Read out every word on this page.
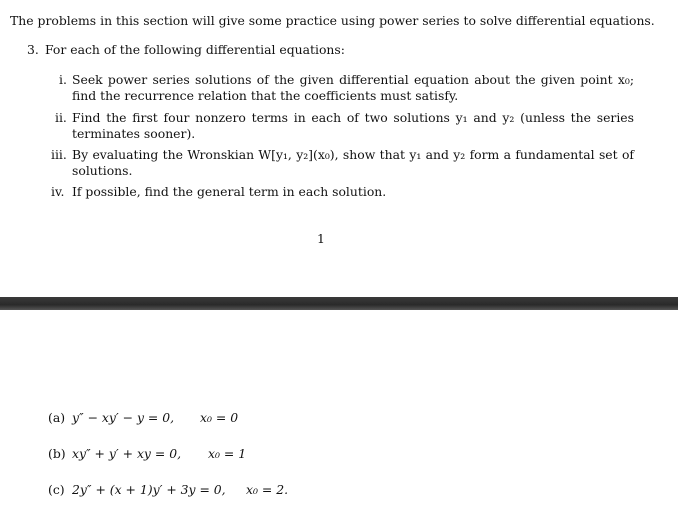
The problems in this section will give some practice using power series to solve differential equations.
3. For each of the following differential equations:
i. Seek power series solutions of the given differential equation about the given point x₀; find the recurrence relation that the coefficients must satisfy.
ii. Find the first four nonzero terms in each of two solutions y₁ and y₂ (unless the series terminates sooner).
iii. By evaluating the Wronskian W[y₁, y₂](x₀), show that y₁ and y₂ form a fundamental set of solutions.
iv. If possible, find the general term in each solution.
1
(a) y″ − xy′ − y = 0, x₀ = 0
(b) xy″ + y′ + xy = 0, x₀ = 1
(c) 2y″ + (x + 1)y′ + 3y = 0, x₀ = 2.
